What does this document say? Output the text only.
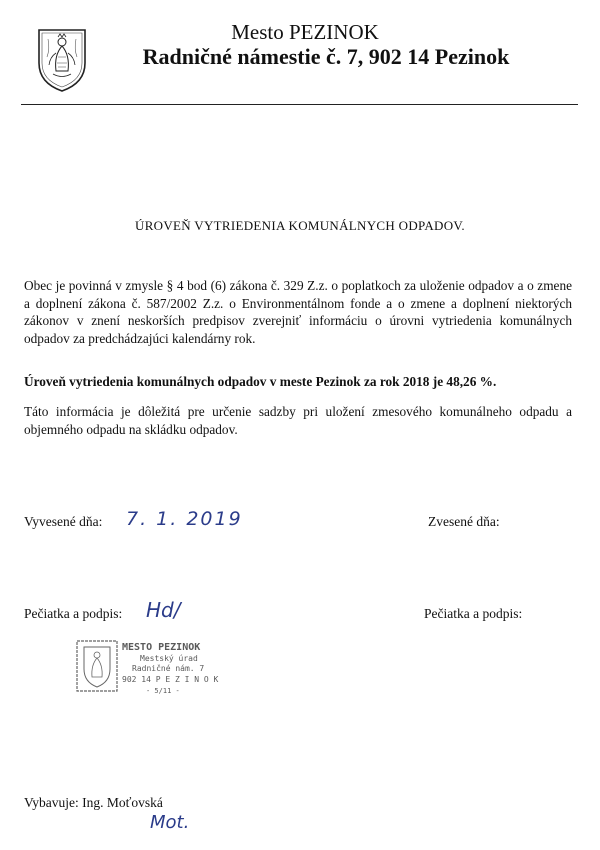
Mesto PEZINOK
Radničné námestie č. 7, 902 14 Pezinok
ÚROVEŇ VYTRIEDENIA KOMUNÁLNYCH ODPADOV.
Obec je povinná v zmysle § 4 bod (6) zákona č. 329 Z.z. o poplatkoch za uloženie odpadov a o zmene a doplnení zákona č. 587/2002 Z.z. o Environmentálnom fonde a o zmene a doplnení niektorých zákonov v znení neskorších predpisov zverejniť informáciu o úrovni vytriedenia komunálnych odpadov za predchádzajúci kalendárny rok.
Úroveň vytriedenia komunálnych odpadov v meste Pezinok za rok 2018 je 48,26 %.
Táto informácia je dôležitá pre určenie sadzby pri uložení zmesového komunálneho odpadu a objemného odpadu na skládku odpadov.
Vyvesené dňa: 7. 1. 2019	Zvesené dňa:
Pečiatka a podpis: Hd/	Pečiatka a podpis:
MESTO PEZINOK
Mestský úrad
Radničné nám. 7
902 14 P E Z I N O K
- 5/11 -
Vybavuje: Ing. Moťovská
Mot.
